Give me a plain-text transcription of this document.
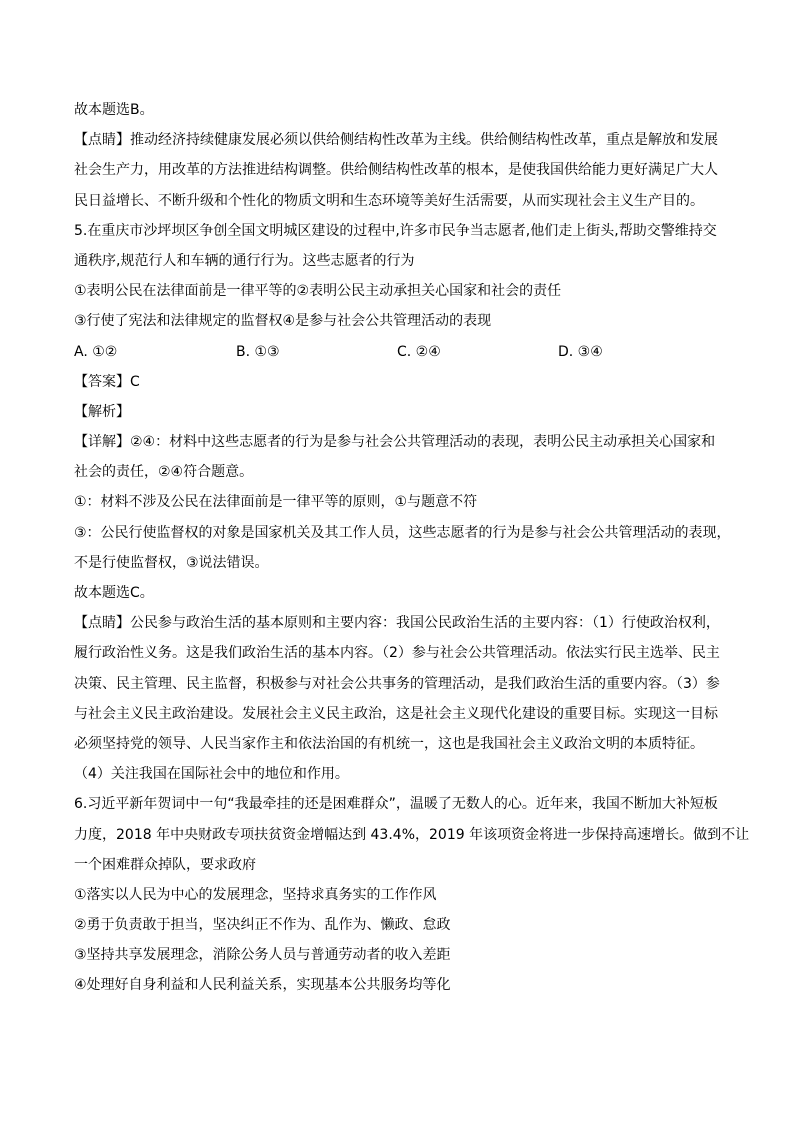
故本题选B。
【点睛】推动经济持续健康发展必须以供给侧结构性改革为主线。供给侧结构性改革，重点是解放和发展
社会生产力，用改革的方法推进结构调整。供给侧结构性改革的根本，是使我国供给能力更好满足广大人
民日益增长、不断升级和个性化的物质文明和生态环境等美好生活需要，从而实现社会主义生产目的。
5.在重庆市沙坪坝区争创全国文明城区建设的过程中,许多市民争当志愿者,他们走上街头,帮助交警维持交
通秩序,规范行人和车辆的通行行为。这些志愿者的行为
①表明公民在法律面前是一律平等的②表明公民主动承担关心国家和社会的责任
③行使了宪法和法律规定的监督权④是参与社会公共管理活动的表现
A. ①②	B. ①③	C. ②④	D. ③④
【答案】C
【解析】
【详解】②④：材料中这些志愿者的行为是参与社会公共管理活动的表现，表明公民主动承担关心国家和
社会的责任，②④符合题意。
①：材料不涉及公民在法律面前是一律平等的原则，①与题意不符
③：公民行使监督权的对象是国家机关及其工作人员，这些志愿者的行为是参与社会公共管理活动的表现，
不是行使监督权，③说法错误。
故本题选C。
【点睛】公民参与政治生活的基本原则和主要内容：我国公民政治生活的主要内容：（1）行使政治权利，
履行政治性义务。这是我们政治生活的基本内容。（2）参与社会公共管理活动。依法实行民主选举、民主
决策、民主管理、民主监督，积极参与对社会公共事务的管理活动，是我们政治生活的重要内容。（3）参
与社会主义民主政治建设。发展社会主义民主政治，这是社会主义现代化建设的重要目标。实现这一目标
必须坚持党的领导、人民当家作主和依法治国的有机统一，这也是我国社会主义政治文明的本质特征。
（4）关注我国在国际社会中的地位和作用。
6.习近平新年贺词中一句“我最牵挂的还是困难群众”，温暖了无数人的心。近年来，我国不断加大补短板
力度，2018 年中央财政专项扶贫资金增幅达到 43.4%，2019 年该项资金将进一步保持高速增长。做到不让
一个困难群众掉队，要求政府
①落实以人民为中心的发展理念，坚持求真务实的工作作风
②勇于负责敢于担当，坚决纠正不作为、乱作为、懒政、怠政
③坚持共享发展理念，消除公务人员与普通劳动者的收入差距
④处理好自身利益和人民利益关系，实现基本公共服务均等化
